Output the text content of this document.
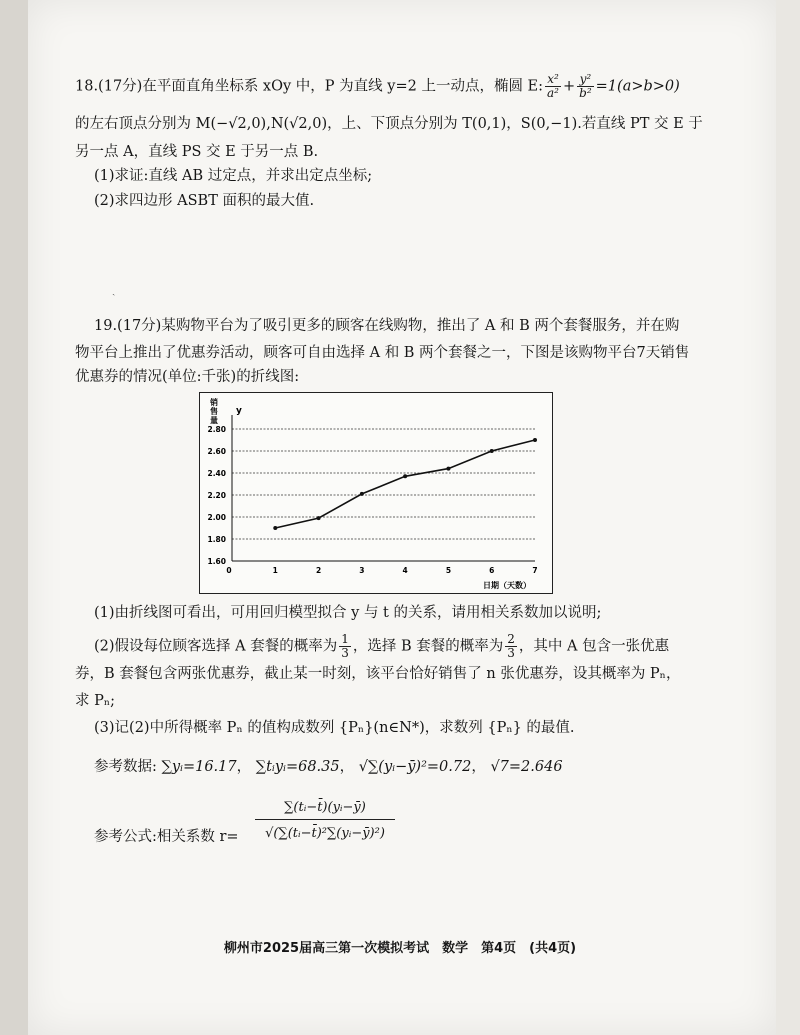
18.(17分)在平面直角坐标系 xOy 中，P 为直线 y=2 上一动点，椭圆 E: $\frac{\text{x²}}{\text{a²}} + \frac{\text{y²}}{\text{b²}} =1(a>b>0)$
的左右顶点分别为 M(−√2,0),N(√2,0)，上、下顶点分别为 T(0,1)，S(0,−1).若直线 PT 交 E 于
另一点 A，直线 PS 交 E 于另一点 B.
(1)求证:直线 AB 过定点，并求出定点坐标;
(2)求四边形 ASBT 面积的最大值.
ˎ
19.(17分)某购物平台为了吸引更多的顾客在线购物，推出了 A 和 B 两个套餐服务，并在购
物平台上推出了优惠券活动，顾客可自由选择 A 和 B 两个套餐之一，下图是该购物平台7天销售
优惠券的情况(单位:千张)的折线图:
1.60
1.80
2.00
2.20
2.40
2.60
2.80
0	1	2	3	4	5	6	7
销
售
量
y
日期（天数）
(1)由折线图可看出，可用回归模型拟合 y 与 t 的关系，请用相关系数加以说明;
(2)假设每位顾客选择 A 套餐的概率为 $\frac{1}{3}$ ，选择 B 套餐的概率为 $\frac{2}{3}$ ，其中 A 包含一张优惠
券，B 套餐包含两张优惠券，截止某一时刻，该平台恰好销售了 n 张优惠券，设其概率为 Pₙ，
求 Pₙ;
(3)记(2)中所得概率 Pₙ 的值构成数列 {Pₙ}(n∈N*)，求数列 {Pₙ} 的最值.
参考数据: ∑yᵢ=16.17， ∑tᵢyᵢ=68.35， √∑(yᵢ−ȳ)²=0.72， √7=2.646
参考公式:相关系数 $r= \frac{\text{∑(tᵢ−t̄)(yᵢ−ȳ)}}{\text{√(∑(tᵢ−t̄)²∑(yᵢ−ȳ)²)}}$
柳州市2025届高三第一次模拟考试　数学　第4页　(共4页)
